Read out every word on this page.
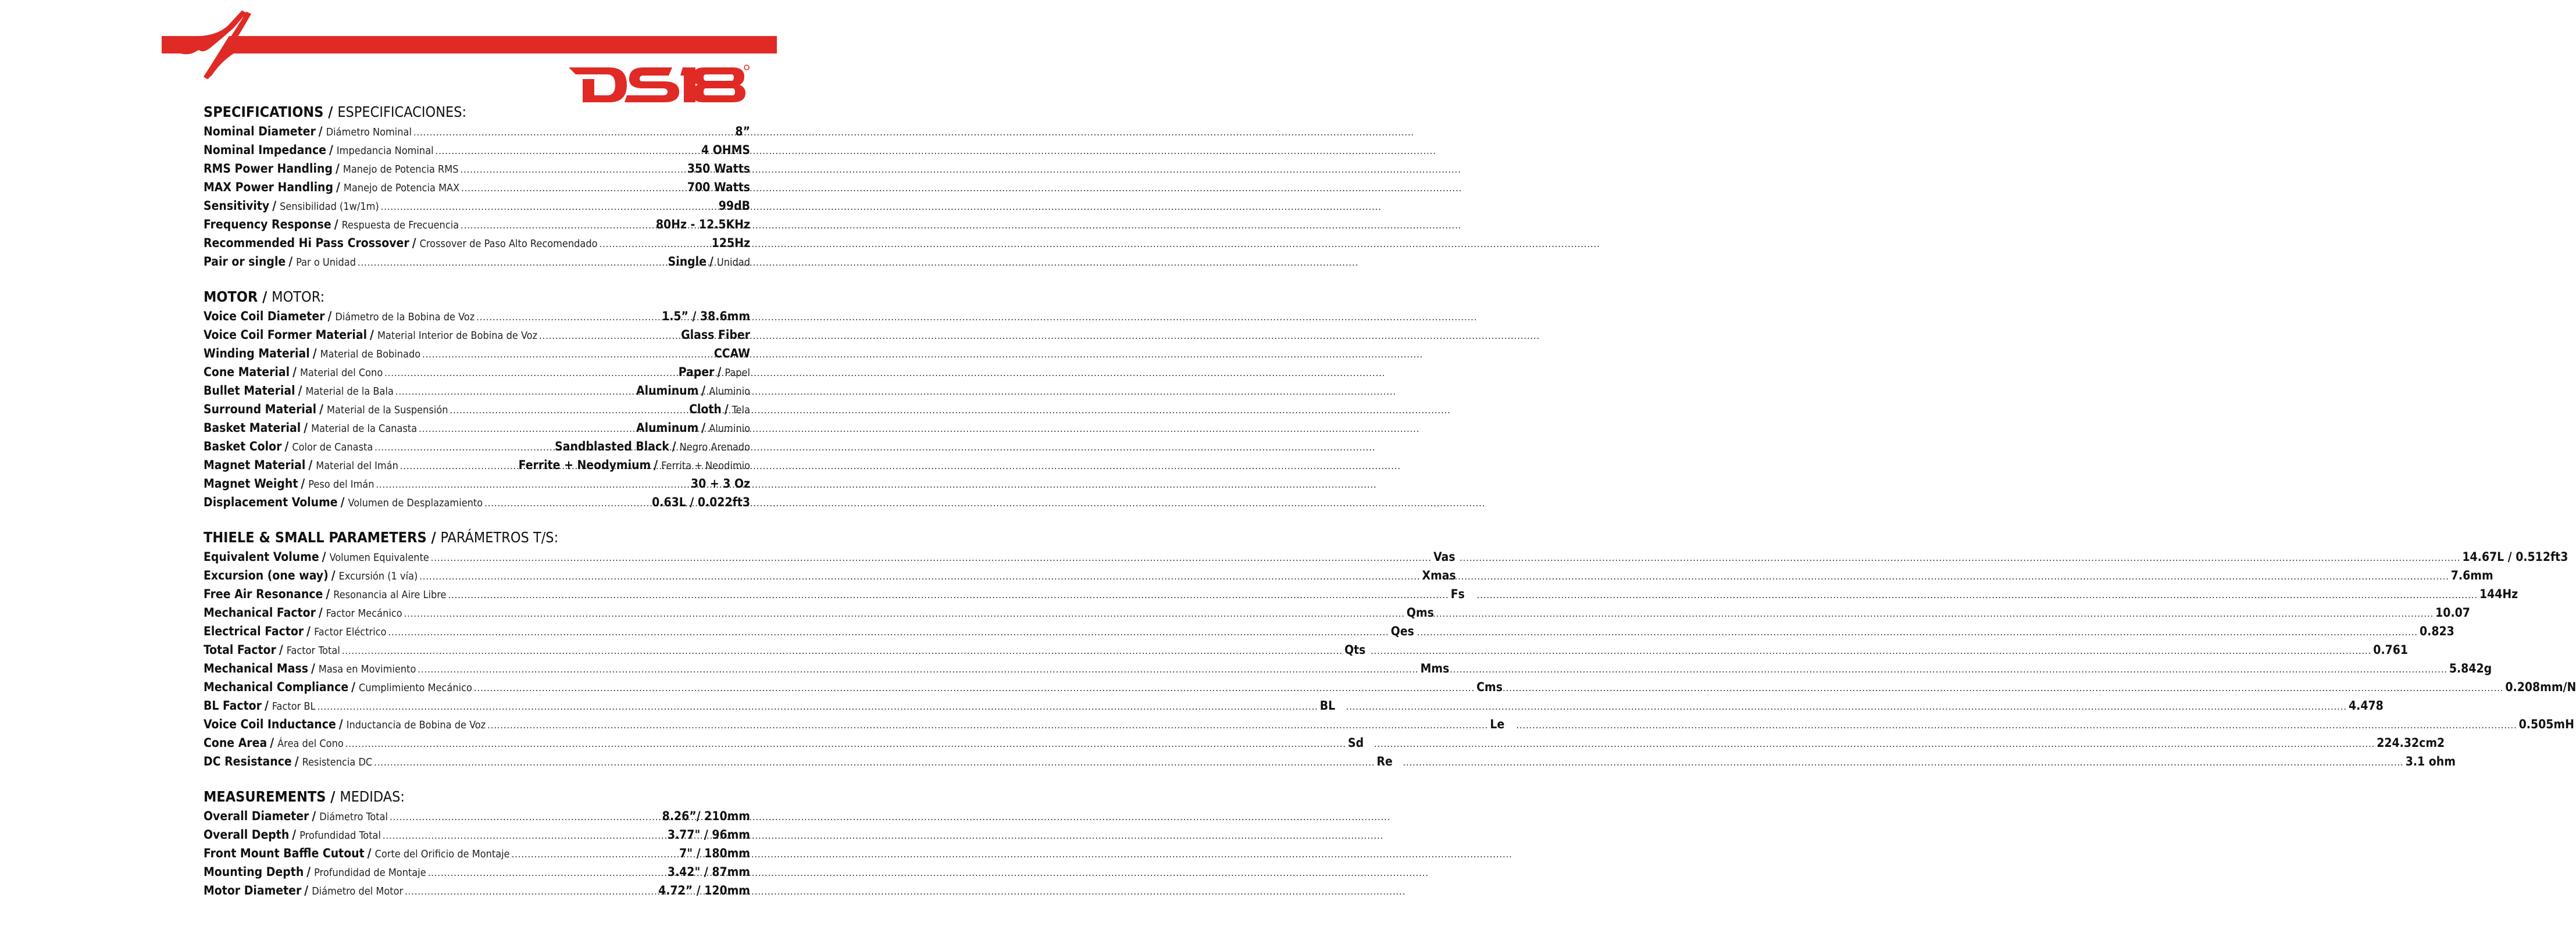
SPECIFICATIONS / ESPECIFICACIONES:
Nominal Diameter / Diámetro Nominal .....	8”
Nominal Impedance / Impedancia Nominal .....	4 OHMS
RMS Power Handling / Manejo de Potencia RMS .....	350 Watts
MAX Power Handling / Manejo de Potencia MAX .....	700 Watts
Sensitivity / Sensibilidad (1w/1m) .....	99dB
Frequency Response / Respuesta de Frecuencia .....	80Hz - 12.5KHz
Recommended Hi Pass Crossover / Crossover de Paso Alto Recomendado .....	125Hz
Pair or single / Par o Unidad .....	Single / Unidad
MOTOR / MOTOR:
Voice Coil Diameter / Diámetro de la Bobina de Voz .....	1.5” / 38.6mm
Voice Coil Former Material / Material Interior de Bobina de Voz .....	Glass Fiber
Winding Material / Material de Bobinado .....	CCAW
Cone Material / Material del Cono .....	Paper / Papel
Bullet Material / Material de la Bala .....	Aluminum / Aluminio
Surround Material / Material de la Suspensión .....	Cloth / Tela
Basket Material / Material de la Canasta .....	Aluminum / Aluminio
Basket Color / Color de Canasta .....	Sandblasted Black / Negro Arenado
Magnet Material / Material del Imán .....	Ferrite + Neodymium / Ferrita + Neodimio
Magnet Weight / Peso del Imán .....	30 + 3 Oz
Displacement Volume / Volumen de Desplazamiento .....	0.63L / 0.022ft3
THIELE & SMALL PARAMETERS / PARÁMETROS T/S:
Equivalent Volume / Volumen Equivalente .....	Vas .....	14.67L / 0.512ft3
Excursion (one way) / Excursión (1 vía) .....	Xmas .....	7.6mm
Free Air Resonance / Resonancia al Aire Libre .....	Fs .....	144Hz
Mechanical Factor / Factor Mecánico .....	Qms .....	10.07
Electrical Factor / Factor Eléctrico .....	Qes .....	0.823
Total Factor / Factor Total .....	Qts .....	0.761
Mechanical Mass / Masa en Movimiento .....	Mms .....	5.842g
Mechanical Compliance / Cumplimiento Mecánico .....	Cms .....	0.208mm/N
BL Factor / Factor BL .....	BL .....	4.478
Voice Coil Inductance / Inductancia de Bobina de Voz .....	Le .....	0.505mH
Cone Area / Área del Cono .....	Sd .....	224.32cm2
DC Resistance / Resistencia DC .....	Re .....	3.1 ohm
MEASUREMENTS / MEDIDAS:
Overall Diameter / Diámetro Total .....	8.26”/ 210mm
Overall Depth / Profundidad Total .....	3.77" / 96mm
Front Mount Baffle Cutout / Corte del Orificio de Montaje .....	7" / 180mm
Mounting Depth / Profundidad de Montaje .....	3.42" / 87mm
Motor Diameter / Diámetro del Motor .....	4.72” / 120mm
